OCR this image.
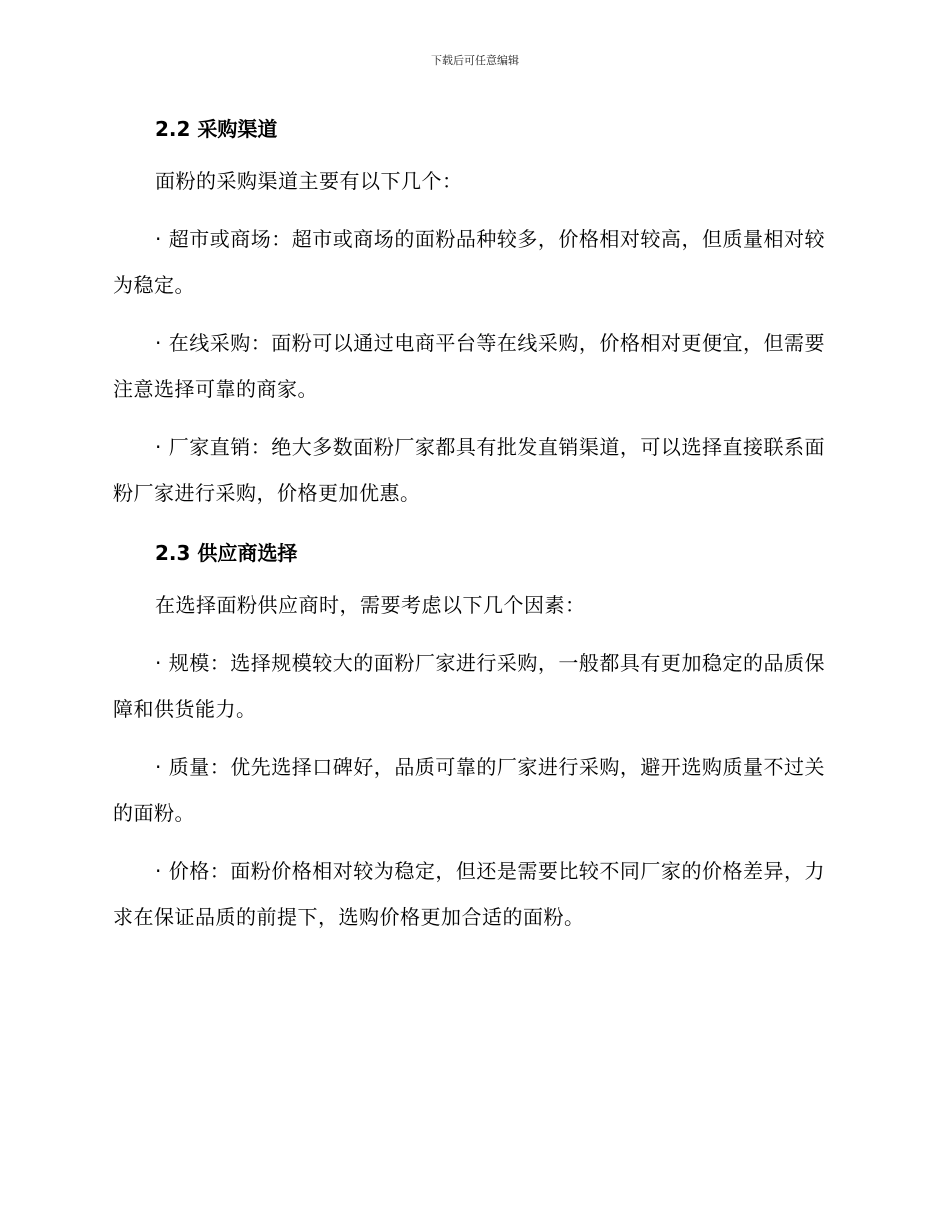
下载后可任意编辑
2.2 采购渠道

面粉的采购渠道主要有以下几个：

· 超市或商场：超市或商场的面粉品种较多，价格相对较高，但质量相对较为稳定。

· 在线采购：面粉可以通过电商平台等在线采购，价格相对更便宜，但需要注意选择可靠的商家。

· 厂家直销：绝大多数面粉厂家都具有批发直销渠道，可以选择直接联系面粉厂家进行采购，价格更加优惠。

2.3 供应商选择

在选择面粉供应商时，需要考虑以下几个因素：

· 规模：选择规模较大的面粉厂家进行采购，一般都具有更加稳定的品质保障和供货能力。

· 质量：优先选择口碑好，品质可靠的厂家进行采购，避开选购质量不过关的面粉。

· 价格：面粉价格相对较为稳定，但还是需要比较不同厂家的价格差异，力求在保证品质的前提下，选购价格更加合适的面粉。
